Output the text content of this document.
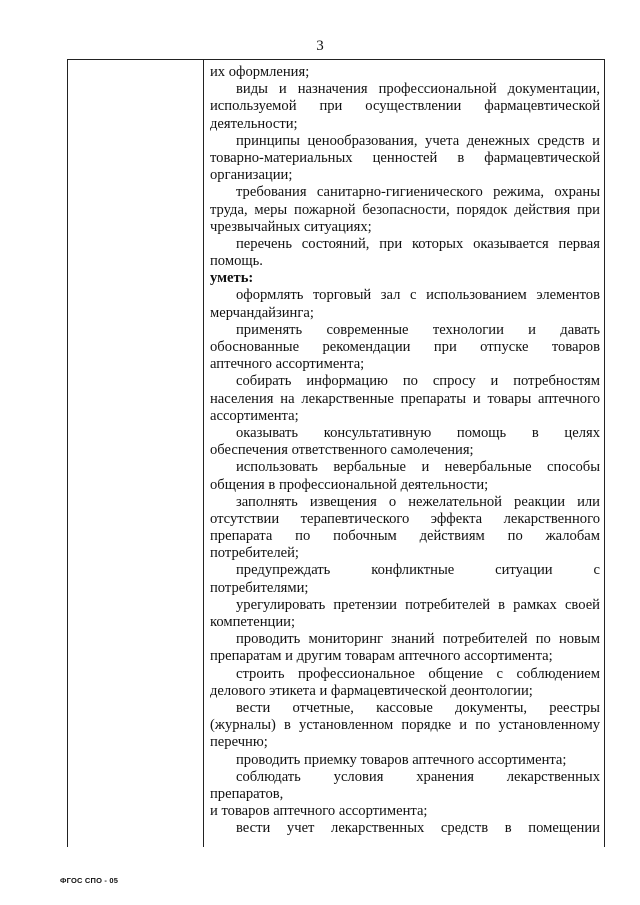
3
их оформления;
виды и назначения профессиональной документации,
используемой при осуществлении фармацевтической
деятельности;
принципы ценообразования, учета денежных средств и
товарно-материальных ценностей в фармацевтической
организации;
требования санитарно-гигиенического режима, охраны
труда, меры пожарной безопасности, порядок действия при
чрезвычайных ситуациях;
перечень состояний, при которых оказывается первая
помощь.
уметь:
оформлять торговый зал с использованием элементов
мерчандайзинга;
применять современные технологии и давать
обоснованные рекомендации при отпуске товаров
аптечного ассортимента;
собирать информацию по спросу и потребностям
населения на лекарственные препараты и товары аптечного
ассортимента;
оказывать консультативную помощь в целях
обеспечения ответственного самолечения;
использовать вербальные и невербальные способы
общения в профессиональной деятельности;
заполнять извещения о нежелательной реакции или
отсутствии терапевтического эффекта лекарственного
препарата по побочным действиям по жалобам
потребителей;
предупреждать конфликтные ситуации с
потребителями;
урегулировать претензии потребителей в рамках своей
компетенции;
проводить мониторинг знаний потребителей по новым
препаратам и другим товарам аптечного ассортимента;
строить профессиональное общение с соблюдением
делового этикета и фармацевтической деонтологии;
вести отчетные, кассовые документы, реестры
(журналы) в установленном порядке и по установленному
перечню;
проводить приемку товаров аптечного ассортимента;
соблюдать условия хранения лекарственных
препаратов,
и товаров аптечного ассортимента;
вести учет лекарственных средств в помещении
ФГОС СПО - 05
